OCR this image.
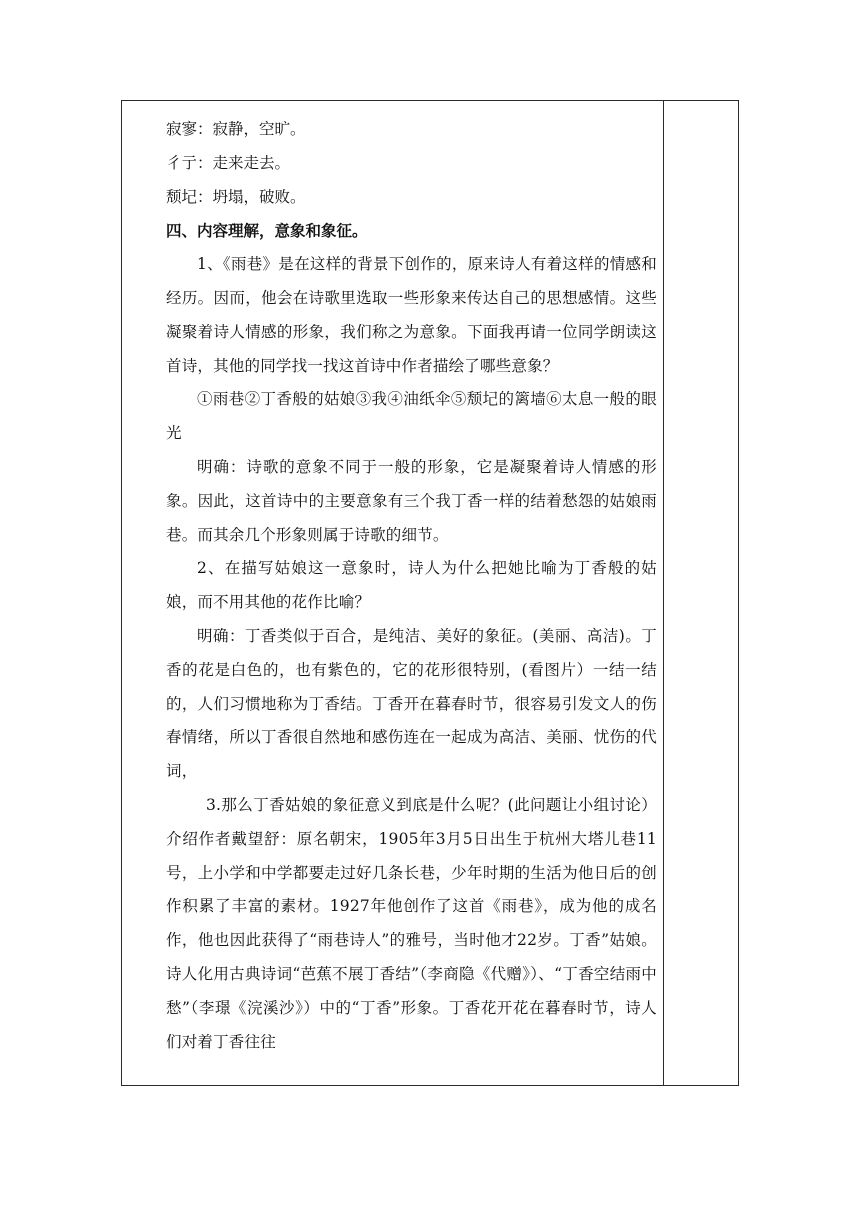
寂寥：寂静，空旷。

彳亍：走来走去。

颓圮：坍塌，破败。

四、内容理解，意象和象征。

1、《雨巷》是在这样的背景下创作的，原来诗人有着这样的情感和经历。因而，他会在诗歌里选取一些形象来传达自己的思想感情。这些凝聚着诗人情感的形象，我们称之为意象。下面我再请一位同学朗读这首诗，其他的同学找一找这首诗中作者描绘了哪些意象？

①雨巷②丁香般的姑娘③我④油纸伞⑤颓圮的篱墙⑥太息一般的眼光

明确：诗歌的意象不同于一般的形象，它是凝聚着诗人情感的形象。因此，这首诗中的主要意象有三个我丁香一样的结着愁怨的姑娘雨巷。而其余几个形象则属于诗歌的细节。

2、在描写姑娘这一意象时，诗人为什么把她比喻为丁香般的姑娘，而不用其他的花作比喻？

明确：丁香类似于百合，是纯洁、美好的象征。(美丽、高洁)。丁香的花是白色的，也有紫色的，它的花形很特别，(看图片）一结一结的，人们习惯地称为丁香结。丁香开在暮春时节，很容易引发文人的伤春情绪，所以丁香很自然地和感伤连在一起成为高洁、美丽、忧伤的代词，

3.那么丁香姑娘的象征意义到底是什么呢？(此问题让小组讨论）介绍作者戴望舒：原名朝宋，1905年3月5日出生于杭州大塔儿巷11号，上小学和中学都要走过好几条长巷，少年时期的生活为他日后的创作积累了丰富的素材。1927年他创作了这首《雨巷》，成为他的成名作，他也因此获得了“雨巷诗人”的雅号，当时他才22岁。丁香”姑娘。诗人化用古典诗词“芭蕉不展丁香结”（李商隐《代赠》）、“丁香空结雨中愁”（李璟《浣溪沙》）中的“丁香”形象。丁香花开花在暮春时节，诗人们对着丁香往往
